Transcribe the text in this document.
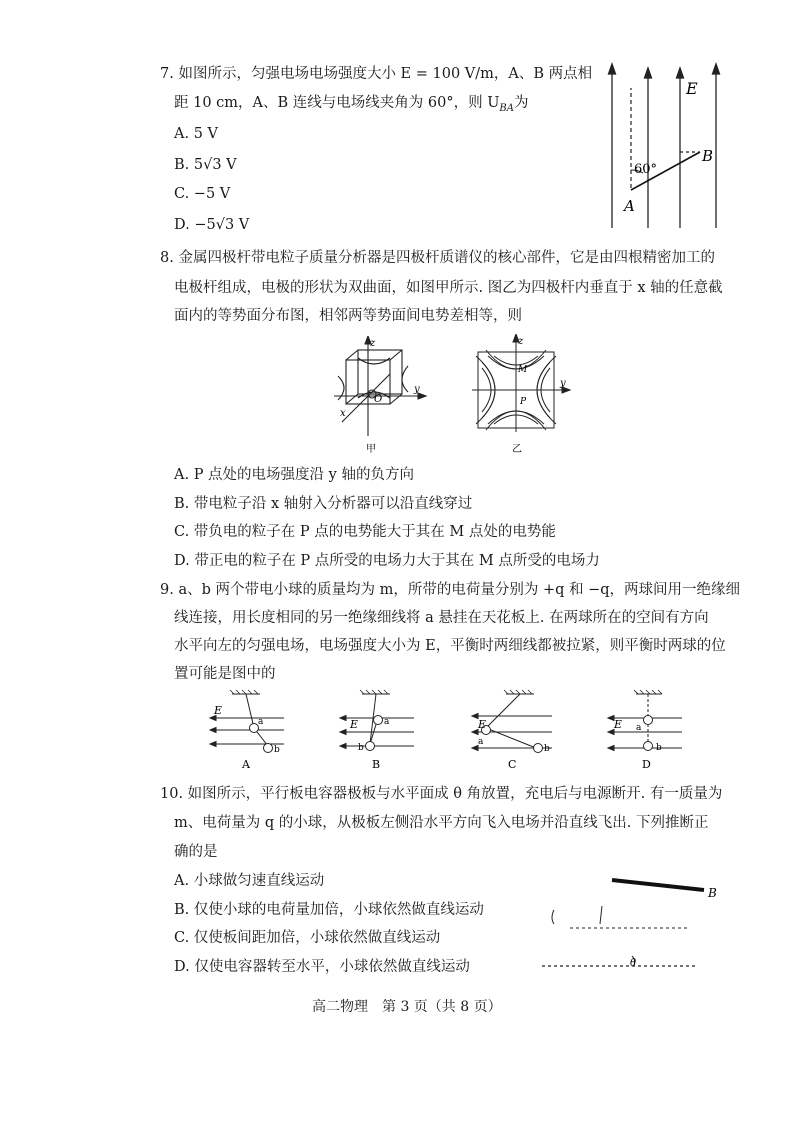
7. 如图所示，匀强电场电场强度大小 E = 100 V/m，A、B 两点相
距 10 cm，A、B 连线与电场线夹角为 60°，则 $U_{BA}$为
A. 5 V
B. 5√3 V
C. −5 V
D. −5√3 V
E
B
A
60°
8. 金属四极杆带电粒子质量分析器是四极杆质谱仪的核心部件，它是由四根精密加工的
电极杆组成，电极的形状为双曲面，如图甲所示. 图乙为四极杆内垂直于 x 轴的任意截
面内的等势面分布图，相邻两等势面间电势差相等，则
z
x
y
O
甲
z
y
M
P
乙
A. P 点处的电场强度沿 y 轴的负方向
B. 带电粒子沿 x 轴射入分析器可以沿直线穿过
C. 带负电的粒子在 P 点的电势能大于其在 M 点处的电势能
D. 带正电的粒子在 P 点所受的电场力大于其在 M 点所受的电场力
9. a、b 两个带电小球的质量均为 m，所带的电荷量分别为 +q 和 −q，两球间用一绝缘细
线连接，用长度相同的另一绝缘细线将 a 悬挂在天花板上. 在两球所在的空间有方向
水平向左的匀强电场，电场强度大小为 E，平衡时两细线都被拉紧，则平衡时两球的位
置可能是图中的
E
a
b
A
E	a
b
B
E
a
b
C
E a
b
D
10. 如图所示，平行板电容器极板与水平面成 θ 角放置，充电后与电源断开. 有一质量为
m、电荷量为 q 的小球，从极板左侧沿水平方向飞入电场并沿直线飞出. 下列推断正
确的是
A. 小球做匀速直线运动
B. 仅使小球的电荷量加倍，小球依然做直线运动
C. 仅使板间距加倍，小球依然做直线运动
D. 仅使电容器转至水平，小球依然做直线运动
B
θ
高二物理　第 3 页（共 8 页）
